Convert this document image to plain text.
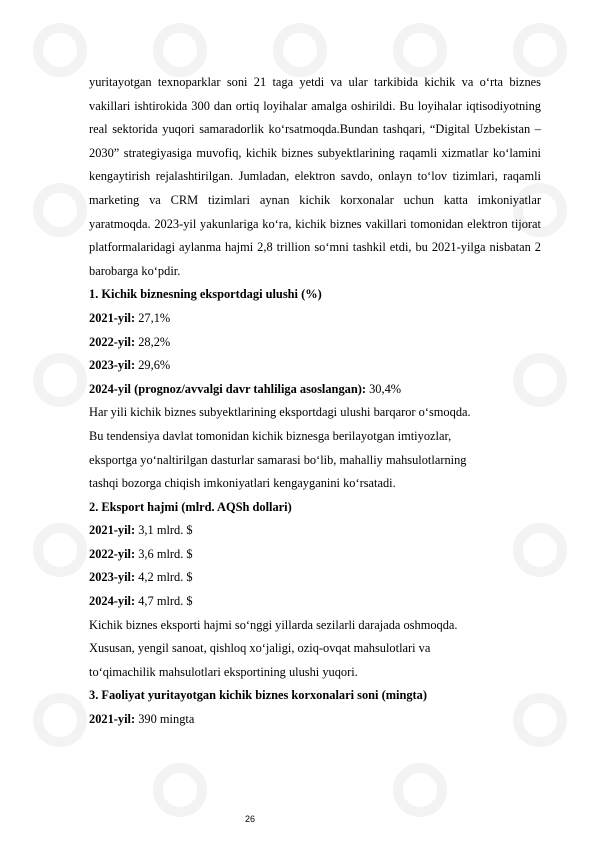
yuritayotgan texnoparklar soni 21 taga yetdi va ular tarkibida kichik va o‘rta biznes vakillari ishtirokida 300 dan ortiq loyihalar amalga oshirildi. Bu loyihalar iqtisodiyotning real sektorida yuqori samaradorlik ko‘rsatmoqda.Bundan tashqari, “Digital Uzbekistan – 2030” strategiyasiga muvofiq, kichik biznes subyektlarining raqamli xizmatlar ko‘lamini kengaytirish rejalashtirilgan. Jumladan, elektron savdo, onlayn to‘lov tizimlari, raqamli marketing va CRM tizimlari aynan kichik korxonalar uchun katta imkoniyatlar yaratmoqda. 2023-yil yakunlariga ko‘ra, kichik biznes vakillari tomonidan elektron tijorat platformalaridagi aylanma hajmi 2,8 trillion so‘mni tashkil etdi, bu 2021-yilga nisbatan 2 barobarga ko‘pdir.

1. Kichik biznesning eksportdagi ulushi (%)

2021-yil: 27,1%

2022-yil: 28,2%

2023-yil: 29,6%

2024-yil (prognoz/avvalgi davr tahliliga asoslangan): 30,4%

Har yili kichik biznes subyektlarining eksportdagi ulushi barqaror o‘smoqda.

Bu tendensiya davlat tomonidan kichik biznesga berilayotgan imtiyozlar,

eksportga yo‘naltirilgan dasturlar samarasi bo‘lib, mahalliy mahsulotlarning

tashqi bozorga chiqish imkoniyatlari kengayganini ko‘rsatadi.

2. Eksport hajmi (mlrd. AQSh dollari)

2021-yil: 3,1 mlrd. $

2022-yil: 3,6 mlrd. $

2023-yil: 4,2 mlrd. $

2024-yil: 4,7 mlrd. $

Kichik biznes eksporti hajmi so‘nggi yillarda sezilarli darajada oshmoqda.

Xususan, yengil sanoat, qishloq xo‘jaligi, oziq-ovqat mahsulotlari va

to‘qimachilik mahsulotlari eksportining ulushi yuqori.

3. Faoliyat yuritayotgan kichik biznes korxonalari soni (mingta)

2021-yil: 390 mingta

26
